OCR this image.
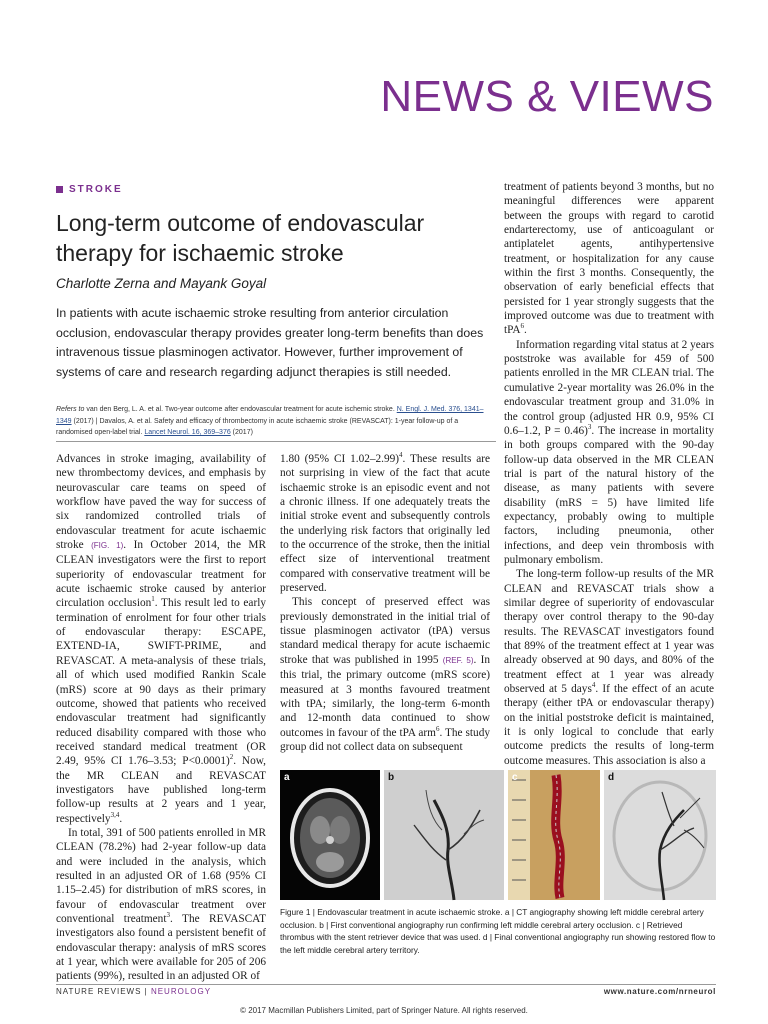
NEWS & VIEWS
STROKE
Long-term outcome of endovascular therapy for ischaemic stroke
Charlotte Zerna and Mayank Goyal
In patients with acute ischaemic stroke resulting from anterior circulation occlusion, endovascular therapy provides greater long-term benefits than does intravenous tissue plasminogen activator. However, further improvement of systems of care and research regarding adjunct therapies is still needed.
Refers to van den Berg, L. A. et al. Two-year outcome after endovascular treatment for acute ischemic stroke. N. Engl. J. Med. 376, 1341–1349 (2017) | Davalos, A. et al. Safety and efficacy of thrombectomy in acute ischaemic stroke (REVASCAT): 1-year follow-up of a randomised open-label trial. Lancet Neurol. 16, 369–376 (2017)

Advances in stroke imaging, availability of new thrombectomy devices, and emphasis by neurovascular care teams on speed of workflow have paved the way for success of six randomized controlled trials of endovascular treatment for acute ischaemic stroke (FIG. 1). In October 2014, the MR CLEAN investigators were the first to report superiority of endovascular treatment for acute ischaemic stroke caused by anterior circulation occlusion$^1$. This result led to early termination of enrolment for four other trials of endovascular therapy: ESCAPE, EXTEND-IA, SWIFT-PRIME, and REVASCAT. A meta-analysis of these trials, all of which used modified Rankin Scale (mRS) score at 90 days as their primary outcome, showed that patients who received endovascular treatment had significantly reduced disability compared with those who received standard medical treatment (OR 2.49, 95% CI 1.76–3.53; P<0.0001)$^2$. Now, the MR CLEAN and REVASCAT investigators have published long-term follow-up results at 2 years and 1 year, respectively$^{3,4}$.

In total, 391 of 500 patients enrolled in MR CLEAN (78.2%) had 2-year follow-up data and were included in the analysis, which resulted in an adjusted OR of 1.68 (95% CI 1.15–2.45) for distribution of mRS scores, in favour of endovascular treatment over conventional treatment$^3$. The REVASCAT investigators also found a persistent benefit of endovascular therapy: analysis of mRS scores at 1 year, which were available for 205 of 206 patients (99%), resulted in an adjusted OR of

1.80 (95% CI 1.02–2.99)$^4$. These results are not surprising in view of the fact that acute ischaemic stroke is an episodic event and not a chronic illness. If one adequately treats the initial stroke event and subsequently controls the underlying risk factors that originally led to the occurrence of the stroke, then the initial effect size of interventional treatment compared with conservative treatment will be preserved.

This concept of preserved effect was previously demonstrated in the initial trial of tissue plasminogen activator (tPA) versus standard medical therapy for acute ischaemic stroke that was published in 1995 (REF. 5). In this trial, the primary outcome (mRS score) measured at 3 months favoured treatment with tPA; similarly, the long-term 6-month and 12-month data continued to show outcomes in favour of the tPA arm$^6$. The study group did not collect data on subsequent

treatment of patients beyond 3 months, but no meaningful differences were apparent between the groups with regard to carotid endarterectomy, use of anticoagulant or antiplatelet agents, antihypertensive treatment, or hospitalization for any cause within the first 3 months. Consequently, the observation of early beneficial effects that persisted for 1 year strongly suggests that the improved outcome was due to treatment with tPA$^6$.

Information regarding vital status at 2 years poststroke was available for 459 of 500 patients enrolled in the MR CLEAN trial. The cumulative 2-year mortality was 26.0% in the endovascular treatment group and 31.0% in the control group (adjusted HR 0.9, 95% CI 0.6–1.2, P = 0.46)$^3$. The increase in mortality in both groups compared with the 90-day follow-up data observed in the MR CLEAN trial is part of the natural history of the disease, as many patients with severe disability (mRS = 5) have limited life expectancy, probably owing to multiple factors, including pneumonia, other infections, and deep vein thrombosis with pulmonary embolism.

The long-term follow-up results of the MR CLEAN and REVASCAT trials show a similar degree of superiority of endovascular therapy over control therapy to the 90-day results. The REVASCAT investigators found that 89% of the treatment effect at 1 year was already observed at 90 days, and 80% of the treatment effect at 1 year was already observed at 5 days$^4$. If the effect of an acute therapy (either tPA or endovascular therapy) on the initial poststroke deficit is maintained, it is only logical to conclude that early outcome predicts the results of long-term outcome measures. This association is also a

a	b	c	d
Figure 1 | Endovascular treatment in acute ischaemic stroke. a | CT angiography showing left middle cerebral artery occlusion. b | First conventional angiography run confirming left middle cerebral artery occlusion. c | Retrieved thrombus with the stent retriever device that was used. d | Final conventional angiography run showing restored flow to the left middle cerebral artery territory.
NATURE REVIEWS | NEUROLOGY	www.nature.com/nrneurol
© 2017 Macmillan Publishers Limited, part of Springer Nature. All rights reserved.
